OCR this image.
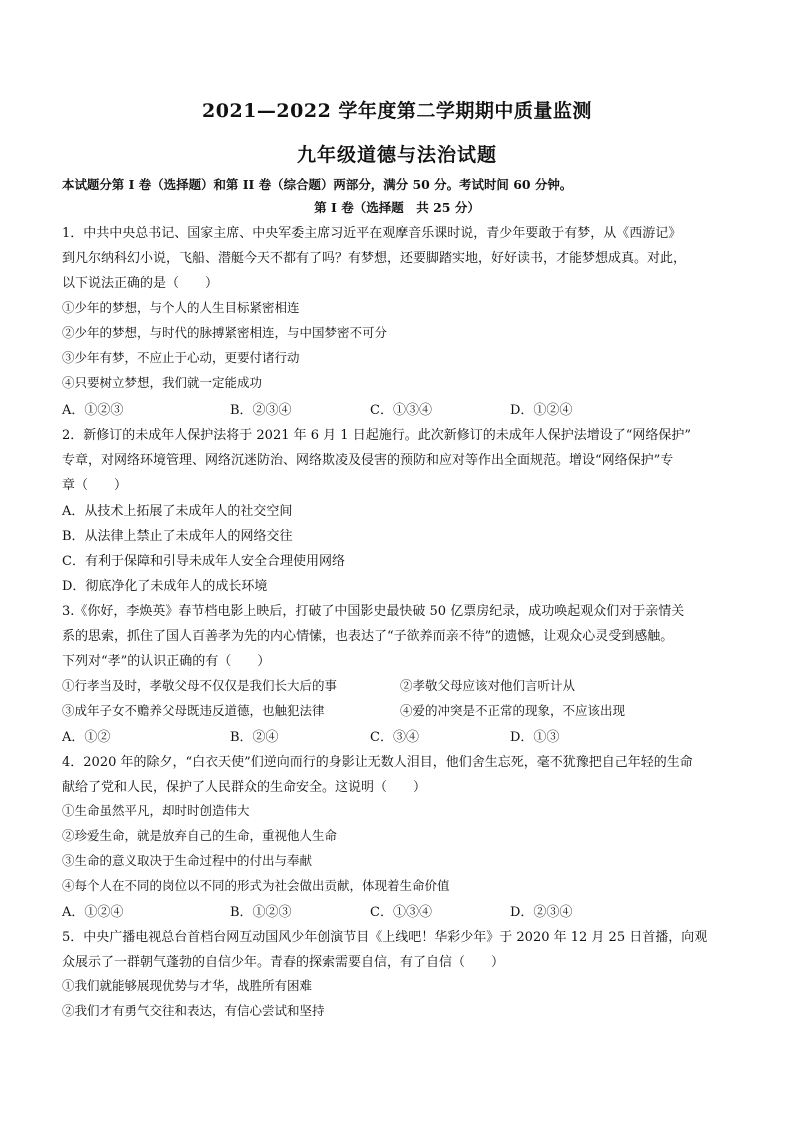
2021—2022 学年度第二学期期中质量监测
九年级道德与法治试题
本试题分第 I 卷（选择题）和第 II 卷（综合题）两部分，满分 50 分。考试时间 60 分钟。
第 I 卷（选择题　共 25 分）
1．中共中央总书记、国家主席、中央军委主席习近平在观摩音乐课时说，青少年要敢于有梦，从《西游记》
到凡尔纳科幻小说，飞船、潜艇今天不都有了吗？有梦想，还要脚踏实地，好好读书，才能梦想成真。对此，
以下说法正确的是（　　）
①少年的梦想，与个人的人生目标紧密相连
②少年的梦想，与时代的脉搏紧密相连，与中国梦密不可分
③少年有梦，不应止于心动，更要付诸行动
④只要树立梦想，我们就一定能成功
A．①②③	B．②③④	C．①③④	D．①②④
2．新修订的未成年人保护法将于 2021 年 6 月 1 日起施行。此次新修订的未成年人保护法增设了“网络保护”
专章，对网络环境管理、网络沉迷防治、网络欺凌及侵害的预防和应对等作出全面规范。增设“网络保护”专
章（　　）
A．从技术上拓展了未成年人的社交空间
B．从法律上禁止了未成年人的网络交往
C．有利于保障和引导未成年人安全合理使用网络
D．彻底净化了未成年人的成长环境
3.《你好，李焕英》春节档电影上映后，打破了中国影史最快破 50 亿票房纪录，成功唤起观众们对于亲情关
系的思索，抓住了国人百善孝为先的内心情愫，也表达了“子欲养而亲不待”的遗憾，让观众心灵受到感触。
下列对“孝”的认识正确的有（　　）
①行孝当及时，孝敬父母不仅仅是我们长大后的事	②孝敬父母应该对他们言听计从
③成年子女不赡养父母既违反道德，也触犯法律	④爱的冲突是不正常的现象，不应该出现
A．①②	B．②④	C．③④	D．①③
4．2020 年的除夕，“白衣天使”们逆向而行的身影让无数人泪目，他们舍生忘死，毫不犹豫把自己年轻的生命
献给了党和人民，保护了人民群众的生命安全。这说明（　　）
①生命虽然平凡，却时时创造伟大
②珍爱生命，就是放弃自己的生命，重视他人生命
③生命的意义取决于生命过程中的付出与奉献
④每个人在不同的岗位以不同的形式为社会做出贡献，体现着生命价值
A．①②④	B．①②③	C．①③④	D．②③④
5．中央广播电视总台首档台网互动国风少年创演节目《上线吧！华彩少年》于 2020 年 12 月 25 日首播，向观
众展示了一群朝气蓬勃的自信少年。青春的探索需要自信，有了自信（　　）
①我们就能够展现优势与才华，战胜所有困难
②我们才有勇气交往和表达，有信心尝试和坚持
